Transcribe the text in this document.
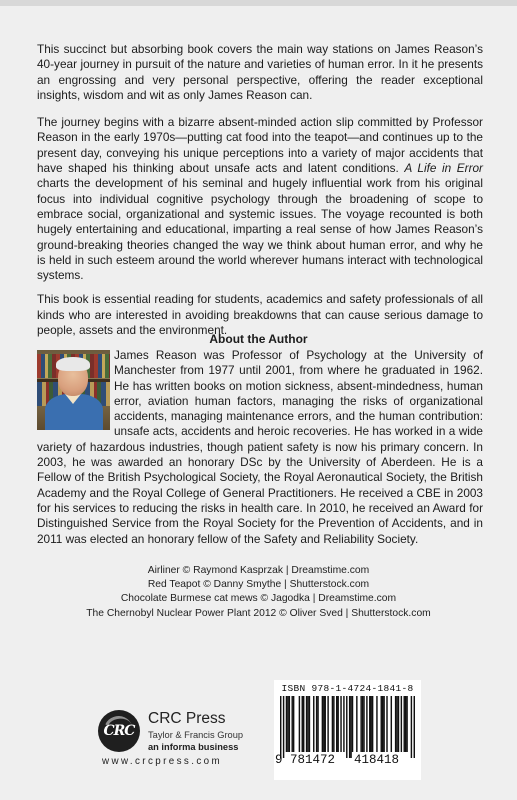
This succinct but absorbing book covers the main way stations on James Reason’s 40-year journey in pursuit of the nature and varieties of human error. In it he presents an engrossing and very personal perspective, offering the reader exceptional insights, wisdom and wit as only James Reason can.

The journey begins with a bizarre absent-minded action slip committed by Professor Reason in the early 1970s—putting cat food into the teapot—and continues up to the present day, conveying his unique perceptions into a variety of major accidents that have shaped his thinking about unsafe acts and latent conditions. A Life in Error charts the development of his seminal and hugely influential work from his original focus into individual cognitive psychology through the broadening of scope to embrace social, organizational and systemic issues. The voyage recounted is both hugely entertaining and educational, imparting a real sense of how James Reason’s ground-breaking theories changed the way we think about human error, and why he is held in such esteem around the world wherever humans interact with technological systems.

This book is essential reading for students, academics and safety professionals of all kinds who are interested in avoiding breakdowns that can cause serious damage to people, assets and the environment.

About the Author
James Reason was Professor of Psychology at the University of Manchester from 1977 until 2001, from where he graduated in 1962. He has written books on motion sickness, absent-mindedness, human error, aviation human factors, managing the risks of organizational accidents, managing maintenance errors, and the human contribution: unsafe acts, accidents and heroic recoveries. He has worked in a wide variety of hazardous industries, though patient safety is now his primary concern. In 2003, he was awarded an honorary DSc by the University of Aberdeen. He is a Fellow of the British Psychological Society, the Royal Aeronautical Society, the British Academy and the Royal College of General Practitioners. He received a CBE in 2003 for his services to reducing the risks in health care. In 2010, he received an Award for Distinguished Service from the Royal Society for the Prevention of Accidents, and in 2011 was elected an honorary fellow of the Safety and Reliability Society.
Airliner © Raymond Kasprzak | Dreamstime.com
Red Teapot © Danny Smythe | Shutterstock.com
Chocolate Burmese cat mews © Jagodka | Dreamstime.com
The Chernobyl Nuclear Power Plant 2012 © Oliver Sved | Shutterstock.com
CRC
CRC Press
Taylor & Francis Group
an informa business
www.crcpress.com
ISBN 978-1-4724-1841-8
9 781472 418418
